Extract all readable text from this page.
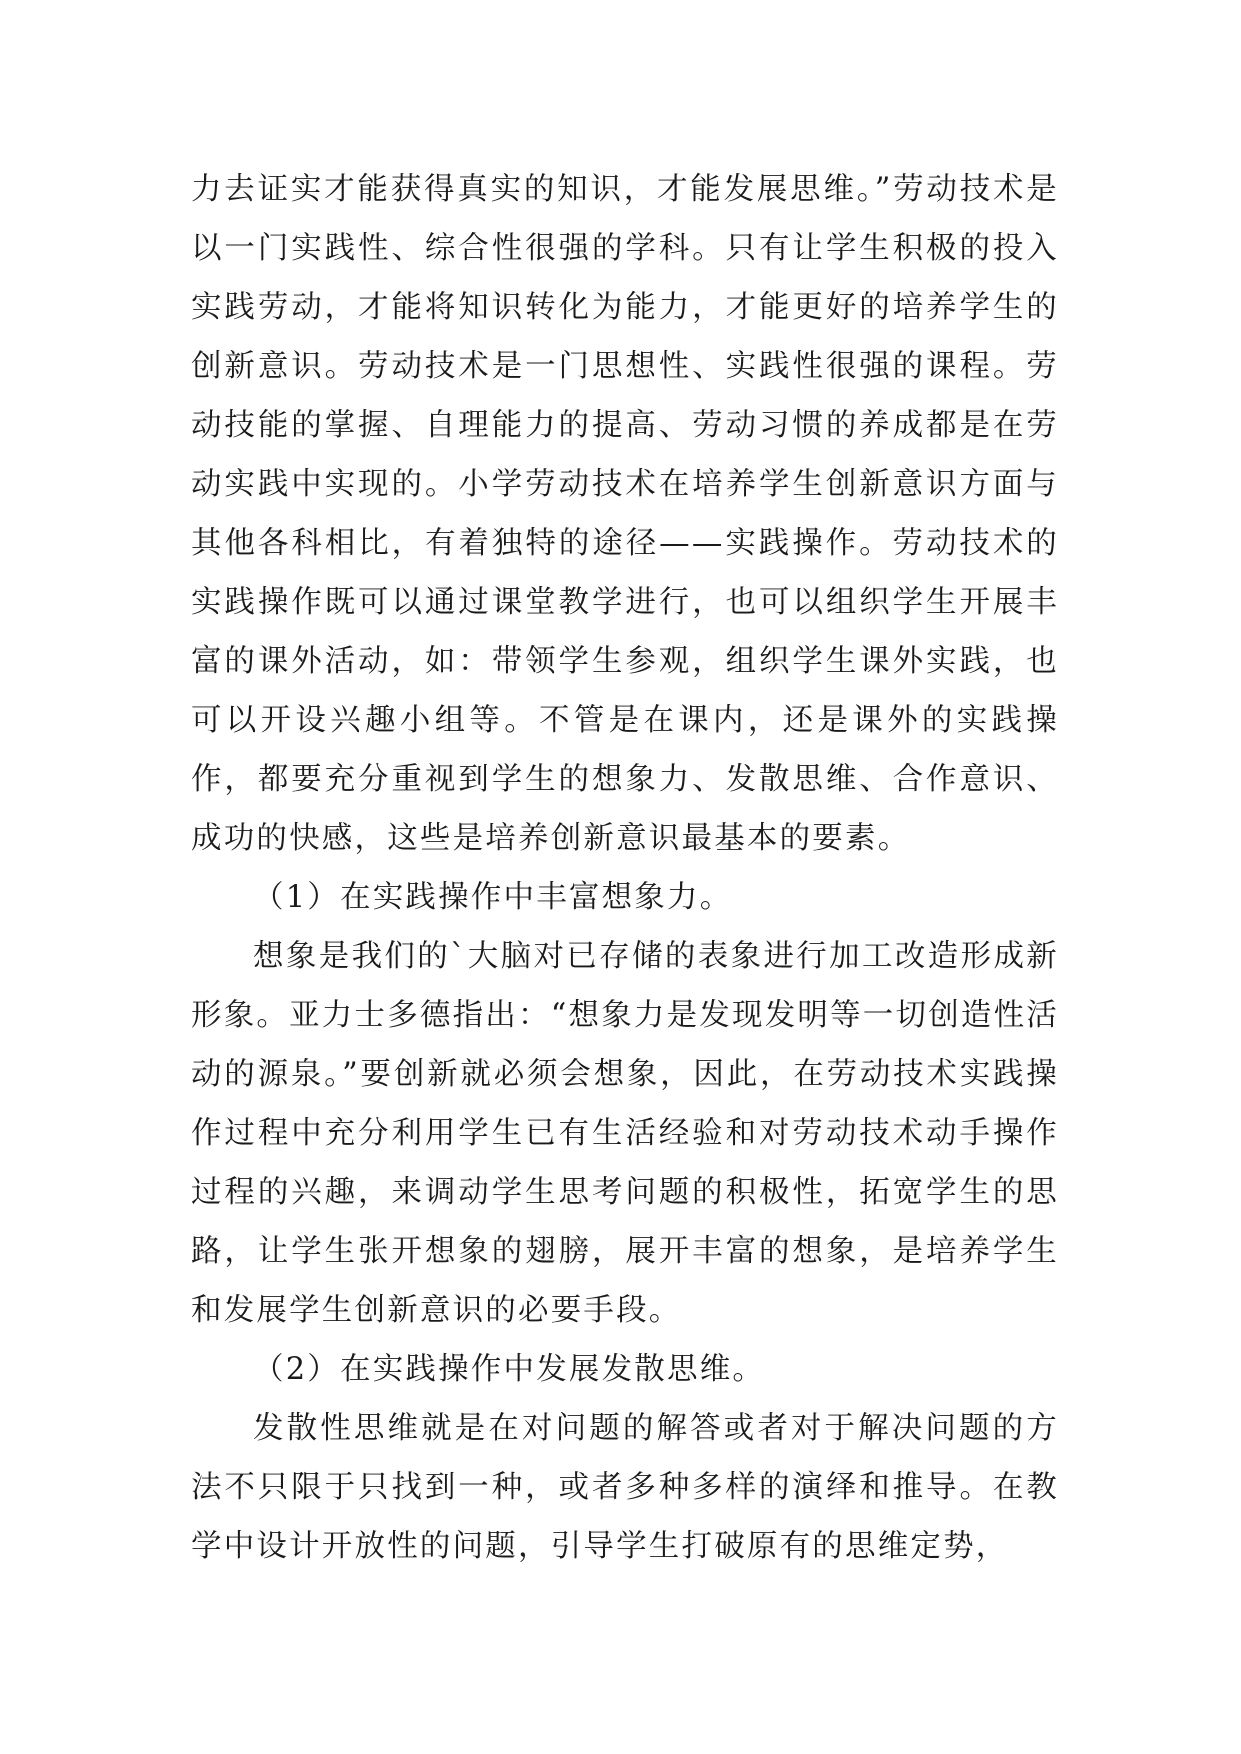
力去证实才能获得真实的知识，才能发展思维。”劳动技术是以一门实践性、综合性很强的学科。只有让学生积极的投入实践劳动，才能将知识转化为能力，才能更好的培养学生的创新意识。劳动技术是一门思想性、实践性很强的课程。劳动技能的掌握、自理能力的提高、劳动习惯的养成都是在劳动实践中实现的。小学劳动技术在培养学生创新意识方面与其他各科相比，有着独特的途径——实践操作。劳动技术的实践操作既可以通过课堂教学进行，也可以组织学生开展丰富的课外活动，如：带领学生参观，组织学生课外实践，也可以开设兴趣小组等。不管是在课内，还是课外的实践操作，都要充分重视到学生的想象力、发散思维、合作意识、成功的快感，这些是培养创新意识最基本的要素。

（1）在实践操作中丰富想象力。

想象是我们的`大脑对已存储的表象进行加工改造形成新形象。亚力士多德指出：“想象力是发现发明等一切创造性活动的源泉。”要创新就必须会想象，因此，在劳动技术实践操作过程中充分利用学生已有生活经验和对劳动技术动手操作过程的兴趣，来调动学生思考问题的积极性，拓宽学生的思路，让学生张开想象的翅膀，展开丰富的想象，是培养学生和发展学生创新意识的必要手段。

（2）在实践操作中发展发散思维。

发散性思维就是在对问题的解答或者对于解决问题的方法不只限于只找到一种，或者多种多样的演绎和推导。在教学中设计开放性的问题，引导学生打破原有的思维定势，
